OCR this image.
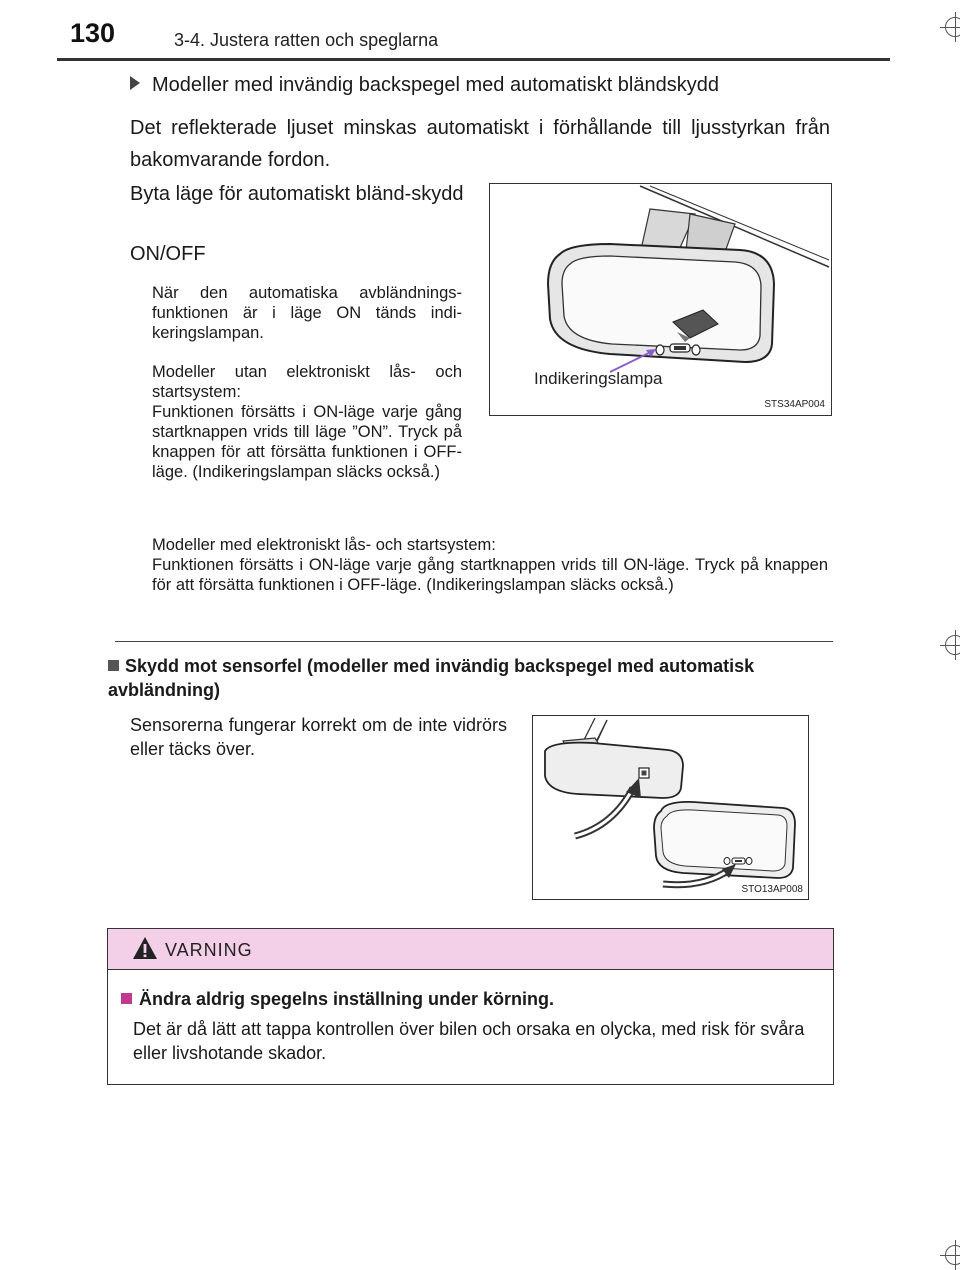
130	3-4. Justera ratten och speglarna
Modeller med invändig backspegel med automatiskt bländskydd
Det reflekterade ljuset minskas automatiskt i förhållande till ljusstyrkan från bakomvarande fordon.
Byta läge för automatiskt bländ-skydd
ON/OFF
När den automatiska avbländnings-funktionen är i läge ON tänds indi-keringslampan.
Modeller utan elektroniskt lås- och startsystem:
Funktionen försätts i ON-läge varje gång startknappen vrids till läge ”ON”. Tryck på knappen för att försätta funktionen i OFF-läge. (Indikeringslampan släcks också.)
Modeller med elektroniskt lås- och startsystem:
Funktionen försätts i ON-läge varje gång startknappen vrids till ON-läge. Tryck på knappen för att försätta funktionen i OFF-läge. (Indikeringslampan släcks också.)
Indikeringslampa
STS34AP004
Skydd mot sensorfel (modeller med invändig backspegel med automatisk avbländning)
Sensorerna fungerar korrekt om de inte vidrörs eller täcks över.
STO13AP008
VARNING
Ändra aldrig spegelns inställning under körning.
Det är då lätt att tappa kontrollen över bilen och orsaka en olycka, med risk för svåra eller livshotande skador.
